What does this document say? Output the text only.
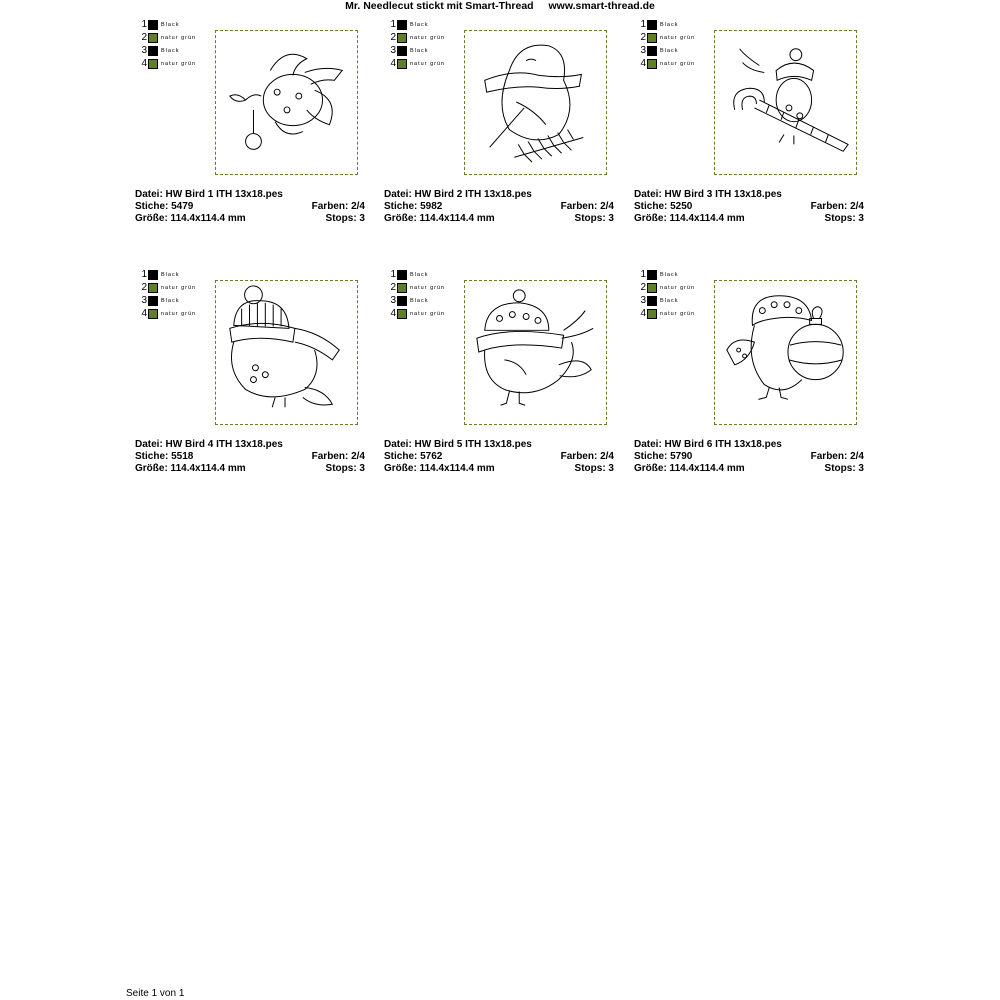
Mr. Needlecut stickt mit Smart-Thread www.smart-thread.de
1	Black
2	natur grün
3	Black
4	natur grün
Datei: HW Bird 1 ITH 13x18.pes
Stiche: 5479	Farben: 2/4
Größe: 114.4x114.4 mm	Stops: 3
1	Black
2	natur grün
3	Black
4	natur grün
Datei: HW Bird 2 ITH 13x18.pes
Stiche: 5982	Farben: 2/4
Größe: 114.4x114.4 mm	Stops: 3
1	Black
2	natur grün
3	Black
4	natur grün
Datei: HW Bird 3 ITH 13x18.pes
Stiche: 5250	Farben: 2/4
Größe: 114.4x114.4 mm	Stops: 3
1	Black
2	natur grün
3	Black
4	natur grün
Datei: HW Bird 4 ITH 13x18.pes
Stiche: 5518	Farben: 2/4
Größe: 114.4x114.4 mm	Stops: 3
1	Black
2	natur grün
3	Black
4	natur grün
Datei: HW Bird 5 ITH 13x18.pes
Stiche: 5762	Farben: 2/4
Größe: 114.4x114.4 mm	Stops: 3
1	Black
2	natur grün
3	Black
4	natur grün
Datei: HW Bird 6 ITH 13x18.pes
Stiche: 5790	Farben: 2/4
Größe: 114.4x114.4 mm	Stops: 3
Seite 1 von 1
